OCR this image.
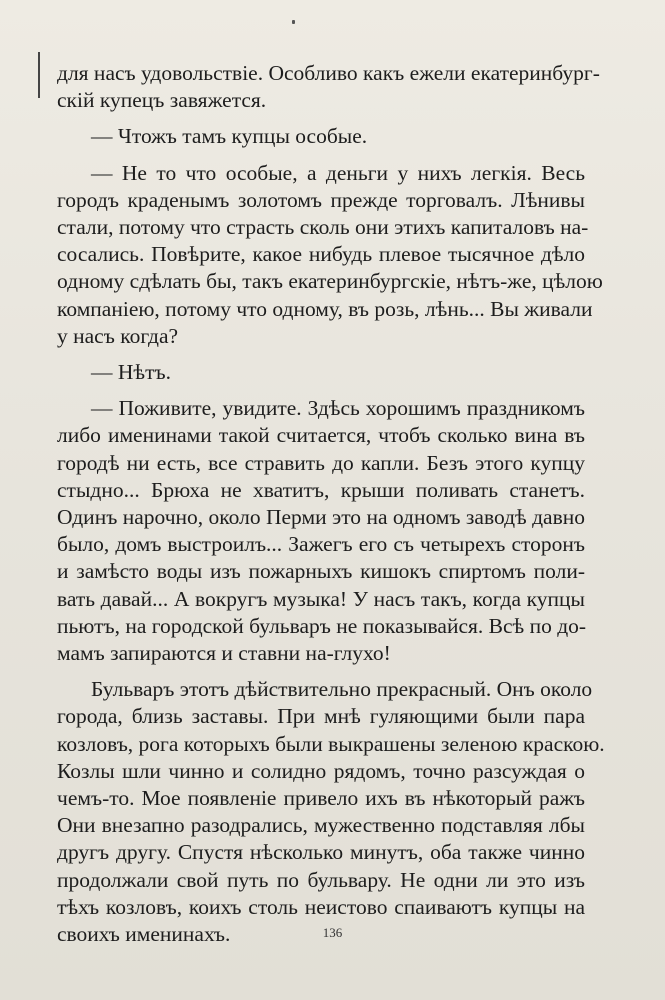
для насъ удовольствіе. Особливо какъ ежели екатеринбург-
скій купецъ завяжется.
— Чтожъ тамъ купцы особые.
— Не то что особые, а деньги у нихъ легкія. Весь
городъ краденымъ золотомъ прежде торговалъ. Лѣнивы
стали, потому что страсть сколь они этихъ капиталовъ на-
сосались. Повѣрите, какое нибудь плевое тысячное дѣло
одному сдѣлать бы, такъ екатеринбургскіе, нѣтъ-же, цѣлою
компаніею, потому что одному, въ розь, лѣнь... Вы живали
у насъ когда?
— Нѣтъ.
— Поживите, увидите. Здѣсь хорошимъ праздникомъ
либо именинами такой считается, чтобъ сколько вина въ
городѣ ни есть, все стравить до капли. Безъ этого купцу
стыдно... Брюха не хватитъ, крыши поливать станетъ.
Одинъ нарочно, около Перми это на одномъ заводѣ давно
было, домъ выстроилъ... Зажегъ его съ четырехъ сторонъ
и замѣсто воды изъ пожарныхъ кишокъ спиртомъ поли-
вать давай... А вокругъ музыка! У насъ такъ, когда купцы
пьютъ, на городской бульваръ не показывайся. Всѣ по до-
мамъ запираются и ставни на-глухо!
Бульваръ этотъ дѣйствительно прекрасный. Онъ около
города, близь заставы. При мнѣ гуляющими были пара
козловъ, рога которыхъ были выкрашены зеленою краскою.
Козлы шли чинно и солидно рядомъ, точно разсуждая о
чемъ-то. Мое появленіе привело ихъ въ нѣкоторый ражъ
Они внезапно разодрались, мужественно подставляя лбы
другъ другу. Спустя нѣсколько минутъ, оба также чинно
продолжали свой путь по бульвару. Не одни ли это изъ
тѣхъ козловъ, коихъ столь неистово спаиваютъ купцы на
своихъ именинахъ.	136
